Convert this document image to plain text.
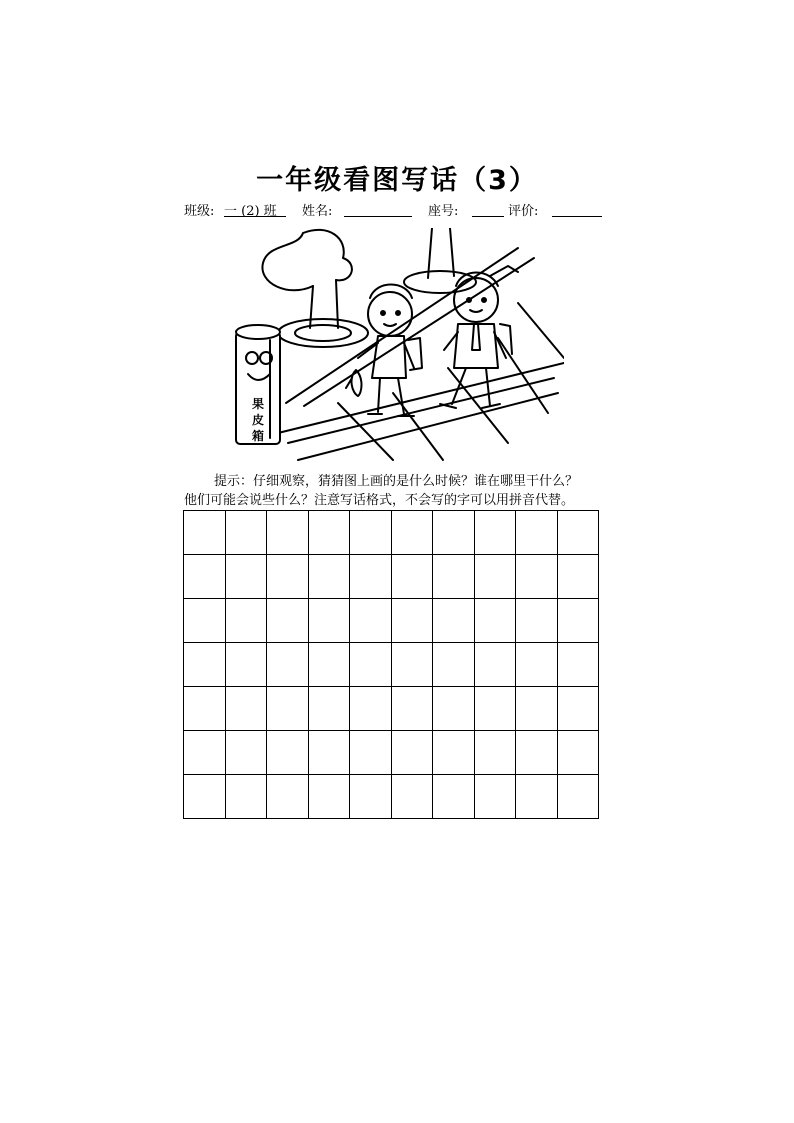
一年级看图写话（3）
班级: 一 (2) 班	姓名:	座号:	评价:
果
皮
箱
提示：仔细观察，猜猜图上画的是什么时候？谁在哪里干什么？
他们可能会说些什么？注意写话格式，不会写的字可以用拼音代替。
